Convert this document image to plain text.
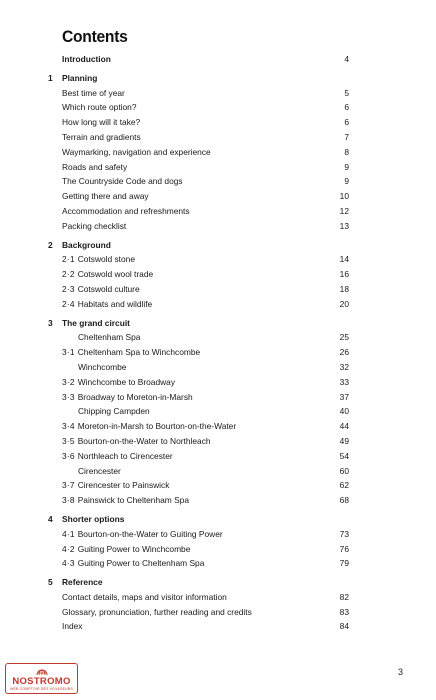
Contents
Introduction	4
1 Planning
Best time of year	5
Which route option?	6
How long will it take?	6
Terrain and gradients	7
Waymarking, navigation and experience	8
Roads and safety	9
The Countryside Code and dogs	9
Getting there and away	10
Accommodation and refreshments	12
Packing checklist	13
2 Background
2·1 Cotswold stone	14
2·2 Cotswold wool trade	16
2·3 Cotswold culture	18
2·4 Habitats and wildlife	20
3 The grand circuit
Cheltenham Spa	25
3·1 Cheltenham Spa to Winchcombe	26
Winchcombe	32
3·2 Winchcombe to Broadway	33
3·3 Broadway to Moreton-in-Marsh	37
Chipping Campden	40
3·4 Moreton-in-Marsh to Bourton-on-the-Water	44
3·5 Bourton-on-the-Water to Northleach	49
3·6 Northleach to Cirencester	54
Cirencester	60
3·7 Cirencester to Painswick	62
3·8 Painswick to Cheltenham Spa	68
4 Shorter options
4·1 Bourton-on-the-Water to Guiting Power	73
4·2 Guiting Power to Winchcombe	76
4·3 Guiting Power to Cheltenham Spa	79
5 Reference
Contact details, maps and visitor information	82
Glossary, pronunciation, further reading and credits	83
Index	84
3
NOSTROMO
WEB COMPTOIR DES VOYAGEURS
